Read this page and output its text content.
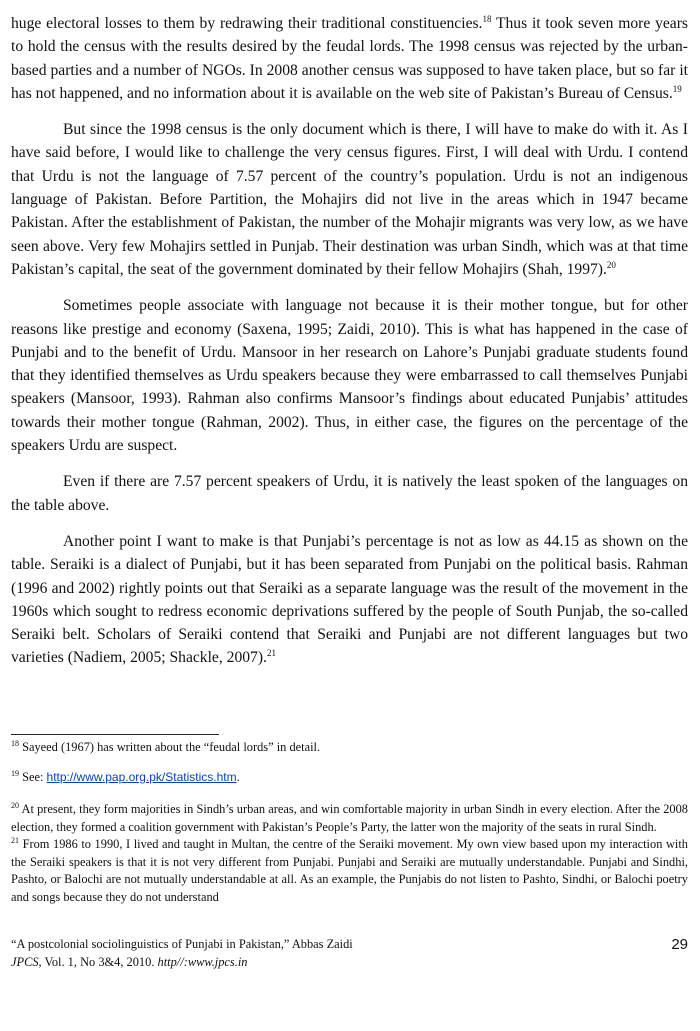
huge electoral losses to them by redrawing their traditional constituencies.$^{18}$ Thus it took seven more years to hold the census with the results desired by the feudal lords. The 1998 census was rejected by the urban-based parties and a number of NGOs. In 2008 another census was supposed to have taken place, but so far it has not happened, and no information about it is available on the web site of Pakistan’s Bureau of Census.$^{19}$

But since the 1998 census is the only document which is there, I will have to make do with it. As I have said before, I would like to challenge the very census figures. First, I will deal with Urdu. I contend that Urdu is not the language of 7.57 percent of the country’s population. Urdu is not an indigenous language of Pakistan. Before Partition, the Mohajirs did not live in the areas which in 1947 became Pakistan. After the establishment of Pakistan, the number of the Mohajir migrants was very low, as we have seen above. Very few Mohajirs settled in Punjab. Their destination was urban Sindh, which was at that time Pakistan’s capital, the seat of the government dominated by their fellow Mohajirs (Shah, 1997).$^{20}$

Sometimes people associate with language not because it is their mother tongue, but for other reasons like prestige and economy (Saxena, 1995; Zaidi, 2010). This is what has happened in the case of Punjabi and to the benefit of Urdu. Mansoor in her research on Lahore’s Punjabi graduate students found that they identified themselves as Urdu speakers because they were embarrassed to call themselves Punjabi speakers (Mansoor, 1993). Rahman also confirms Mansoor’s findings about educated Punjabis’ attitudes towards their mother tongue (Rahman, 2002). Thus, in either case, the figures on the percentage of the speakers Urdu are suspect.

Even if there are 7.57 percent speakers of Urdu, it is natively the least spoken of the languages on the table above.

Another point I want to make is that Punjabi’s percentage is not as low as 44.15 as shown on the table. Seraiki is a dialect of Punjabi, but it has been separated from Punjabi on the political basis. Rahman (1996 and 2002) rightly points out that Seraiki as a separate language was the result of the movement in the 1960s which sought to redress economic deprivations suffered by the people of South Punjab, the so-called Seraiki belt. Scholars of Seraiki contend that Seraiki and Punjabi are not different languages but two varieties (Nadiem, 2005; Shackle, 2007).$^{21}$

$^{18}$ Sayeed (1967) has written about the “feudal lords” in detail.

$^{19}$ See: http://www.pap.org.pk/Statistics.htm.

$^{20}$ At present, they form majorities in Sindh’s urban areas, and win comfortable majority in urban Sindh in every election. After the 2008 election, they formed a coalition government with Pakistan’s People’s Party, the latter won the majority of the seats in rural Sindh.

$^{21}$ From 1986 to 1990, I lived and taught in Multan, the centre of the Seraiki movement. My own view based upon my interaction with the Seraiki speakers is that it is not very different from Punjabi. Punjabi and Seraiki are mutually understandable. Punjabi and Sindhi, Pashto, or Balochi are not mutually understandable at all. As an example, the Punjabis do not listen to Pashto, Sindhi, or Balochi poetry and songs because they do not understand

“A postcolonial sociolinguistics of Punjabi in Pakistan,” Abbas Zaidi
JPCS, Vol. 1, No 3&4, 2010. http//:www.jpcs.in
29
